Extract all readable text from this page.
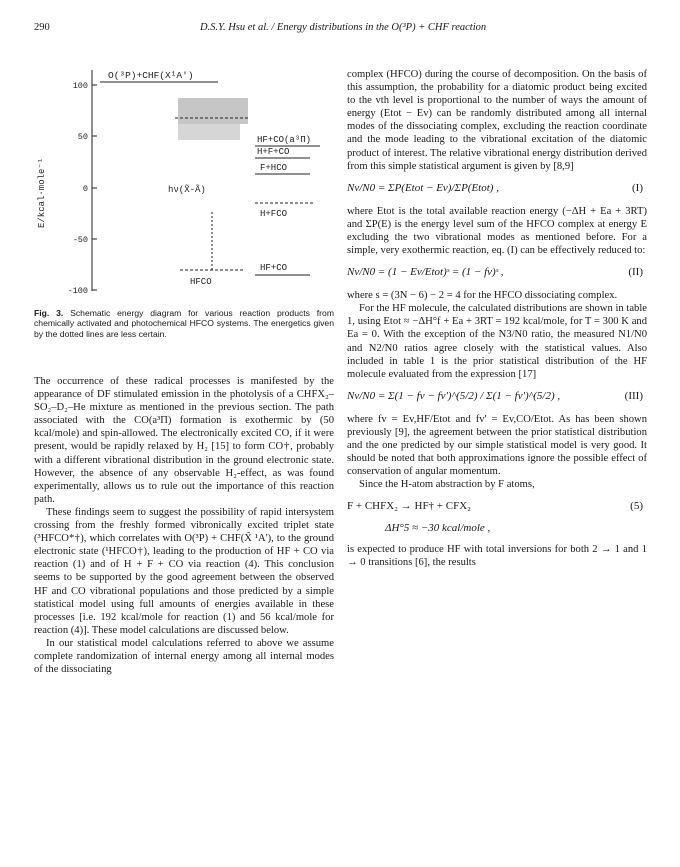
290	D.S.Y. Hsu et al. / Energy distributions in the O(³P) + CHF reaction
100
50
0
-50
-100
O(³P)+CHF(X¹A')
HF+CO(a³Π)
H+F+CO
F+HCO
H+FCO
HF+CO
HFCO
hν(X̃-Ã)
E/kcal·mole⁻¹
Fig. 3. Schematic energy diagram for various reaction products from chemically activated and photochemical HFCO systems. The energetics given by the dotted lines are less certain.

The occurrence of these radical processes is manifested by the appearance of DF stimulated emission in the photolysis of a CHFX₂–SO₂–D₂–He mixture as mentioned in the previous section. The path associated with the CO(a³Π) formation is exothermic by (50 kcal/mole) and spin-allowed. The electronically excited CO, if it were present, would be rapidly relaxed by H₂ [15] to form CO†, probably with a different vibrational distribution in the ground electronic state. However, the absence of any observable H₂-effect, as was found experimentally, allows us to rule out the importance of this reaction path.

These findings seem to suggest the possibility of rapid intersystem crossing from the freshly formed vibronically excited triplet state (³HFCO*†), which correlates with O(³P) + CHF(X̃ ¹A'), to the ground electronic state (¹HFCO†), leading to the production of HF + CO via reaction (1) and of H + F + CO via reaction (4). This conclusion seems to be supported by the good agreement between the observed HF and CO vibrational populations and those predicted by a simple statistical model using full amounts of energies available in these processes [i.e. 192 kcal/mole for reaction (1) and 56 kcal/mole for reaction (4)]. These model calculations are discussed below.

In our statistical model calculations referred to above we assume complete randomization of internal energy among all internal modes of the dissociating

complex (HFCO) during the course of decomposition. On the basis of this assumption, the probability for a diatomic product being excited to the vth level is proportional to the number of ways the amount of energy (Etot − Ev) can be randomly distributed among all internal modes of the dissociating complex, excluding the reaction coordinate and the mode leading to the vibrational excitation of the diatomic product of interest. The relative vibrational energy distribution derived from this simple statistical argument is given by [8,9]

Nv/N0 = ΣP(Etot − Ev)/ΣP(Etot) ,	(I)

where Etot is the total available reaction energy (−ΔH + Ea + 3RT) and ΣP(E) is the energy level sum of the HFCO complex at energy E excluding the two vibrational modes as mentioned before. For a simple, very exothermic reaction, eq. (I) can be effectively reduced to:

Nv/N0 = (1 − Ev/Etot)ˢ = (1 − fv)ˢ ,	(II)

where s = (3N − 6) − 2 = 4 for the HFCO dissociating complex.

For the HF molecule, the calculated distributions are shown in table 1, using Etot ≈ −ΔH°f + Ea + 3RT = 192 kcal/mole, for T = 300 K and Ea = 0. With the exception of the N3/N0 ratio, the measured N1/N0 and N2/N0 ratios agree closely with the statistical values. Also included in table 1 is the prior statistical distribution of the HF molecule evaluated from the expression [17]

Nv/N0 = Σ(1 − fv − fv')^(5/2) / Σ(1 − fv')^(5/2) ,	(III)

where fv = Ev,HF/Etot and fv' = Ev,CO/Etot. As has been shown previously [9], the agreement between the prior statistical distribution and the one predicted by our simple statistical model is very good. It should be noted that both approximations ignore the possible effect of conservation of angular momentum.

Since the H-atom abstraction by F atoms,

F + CHFX₂ → HF† + CFX₂	(5)
ΔH°5 ≈ −30 kcal/mole ,

is expected to produce HF with total inversions for both 2 → 1 and 1 → 0 transitions [6], the results
